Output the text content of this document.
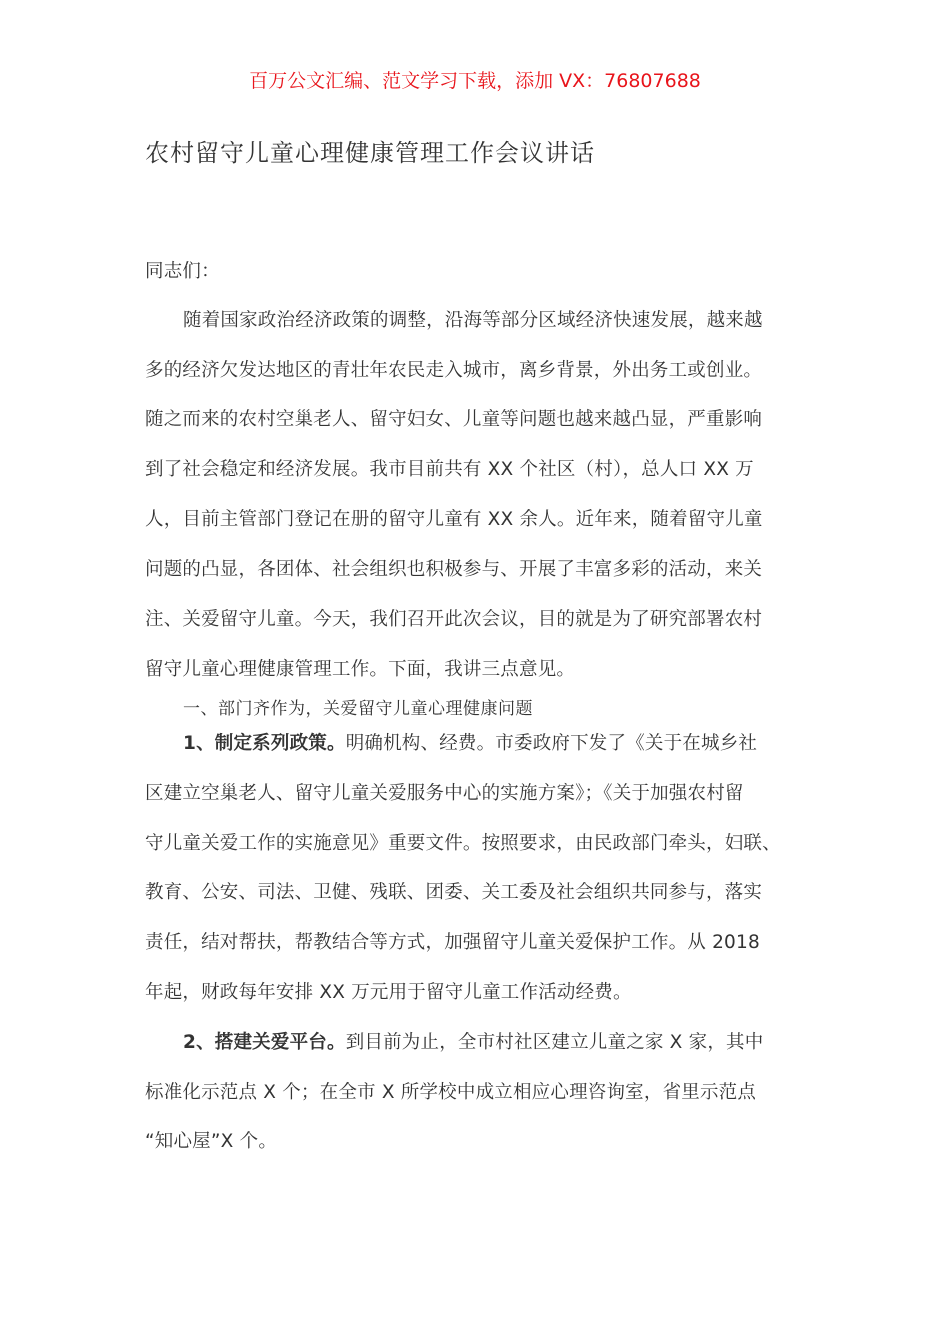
百万公文汇编、范文学习下载，添加 VX：76807688
农村留守儿童心理健康管理工作会议讲话
同志们：
随着国家政治经济政策的调整，沿海等部分区域经济快速发展，越来越
多的经济欠发达地区的青壮年农民走入城市，离乡背景，外出务工或创业。
随之而来的农村空巢老人、留守妇女、儿童等问题也越来越凸显，严重影响
到了社会稳定和经济发展。我市目前共有 XX 个社区（村），总人口 XX 万
人，目前主管部门登记在册的留守儿童有 XX 余人。近年来，随着留守儿童
问题的凸显，各团体、社会组织也积极参与、开展了丰富多彩的活动，来关
注、关爱留守儿童。今天，我们召开此次会议，目的就是为了研究部署农村
留守儿童心理健康管理工作。下面，我讲三点意见。
一、部门齐作为，关爱留守儿童心理健康问题
1、制定系列政策。明确机构、经费。市委政府下发了《关于在城乡社
区建立空巢老人、留守儿童关爱服务中心的实施方案》；《关于加强农村留
守儿童关爱工作的实施意见》重要文件。按照要求，由民政部门牵头，妇联、
教育、公安、司法、卫健、残联、团委、关工委及社会组织共同参与，落实
责任，结对帮扶，帮教结合等方式，加强留守儿童关爱保护工作。从 2018
年起，财政每年安排 XX 万元用于留守儿童工作活动经费。
2、搭建关爱平台。到目前为止，全市村社区建立儿童之家 X 家，其中
标准化示范点 X 个；在全市 X 所学校中成立相应心理咨询室，省里示范点
“知心屋”X 个。
